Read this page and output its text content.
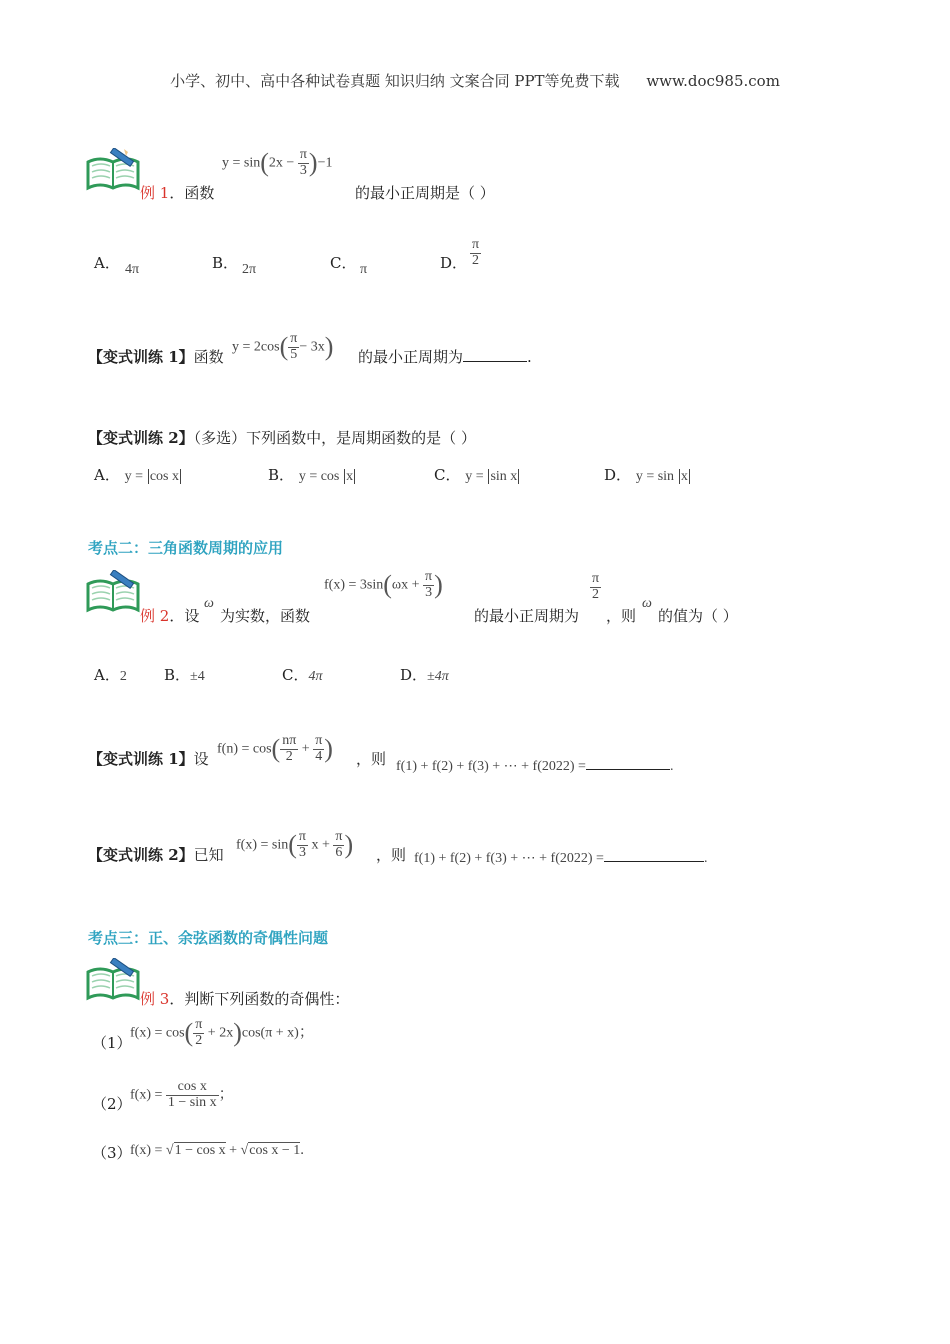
小学、初中、高中各种试卷真题 知识归纳 文案合同 PPT等免费下载 www.doc985.com
例 1．函数
$y = \sin(2x - \frac{\pi}{3} )-1$
的最小正周期是（ ）
A． 4π	B． 2π	C． π	D． $\frac{\pi}{2}$
【变式训练 1】函数
$y = 2\cos( \frac{\pi}{5} - 3x)$ 的最小正周期为	.
【变式训练 2】（多选）下列函数中，是周期函数的是（ ）
A． y = cos x	B． y = cos x	C． y = sin x	D． y = sin x
考点二：三角函数周期的应用
例 2．设
ω
为实数，函数
$f(x) = 3\sin(\omega x + \frac{\pi}{3}$ )
的最小正周期为
$\frac{\pi}{2}$
，则
ω
的值为（ ）
A．2 B．±4	C．4π	D．±4π
【变式训练 1】设
$f(n) = \cos( \frac{n\pi}{2} + \frac{\pi}{4}$ ) ，则 f(1) + f(2) + f(3) + ⋯ + f(2022) =	.
【变式训练 2】已知
$f(x) = \sin( \frac{\pi}{3}$ $x + \frac{\pi}{6}$ ) ，则 f(1) + f(2) + f(3) + ⋯ + f(2022) =	.
考点三：正、余弦函数的奇偶性问题
例 3．判断下列函数的奇偶性：
（1）
$f(x) = \cos( \frac{\pi}{2} + 2x)\cos(\pi + x)$；
（2）
$f(x) = \frac{\text{cos x}}{\text{1 − sin x}}$ ；
（3）
f(x) = √1 − cos x + √cos x − 1.
